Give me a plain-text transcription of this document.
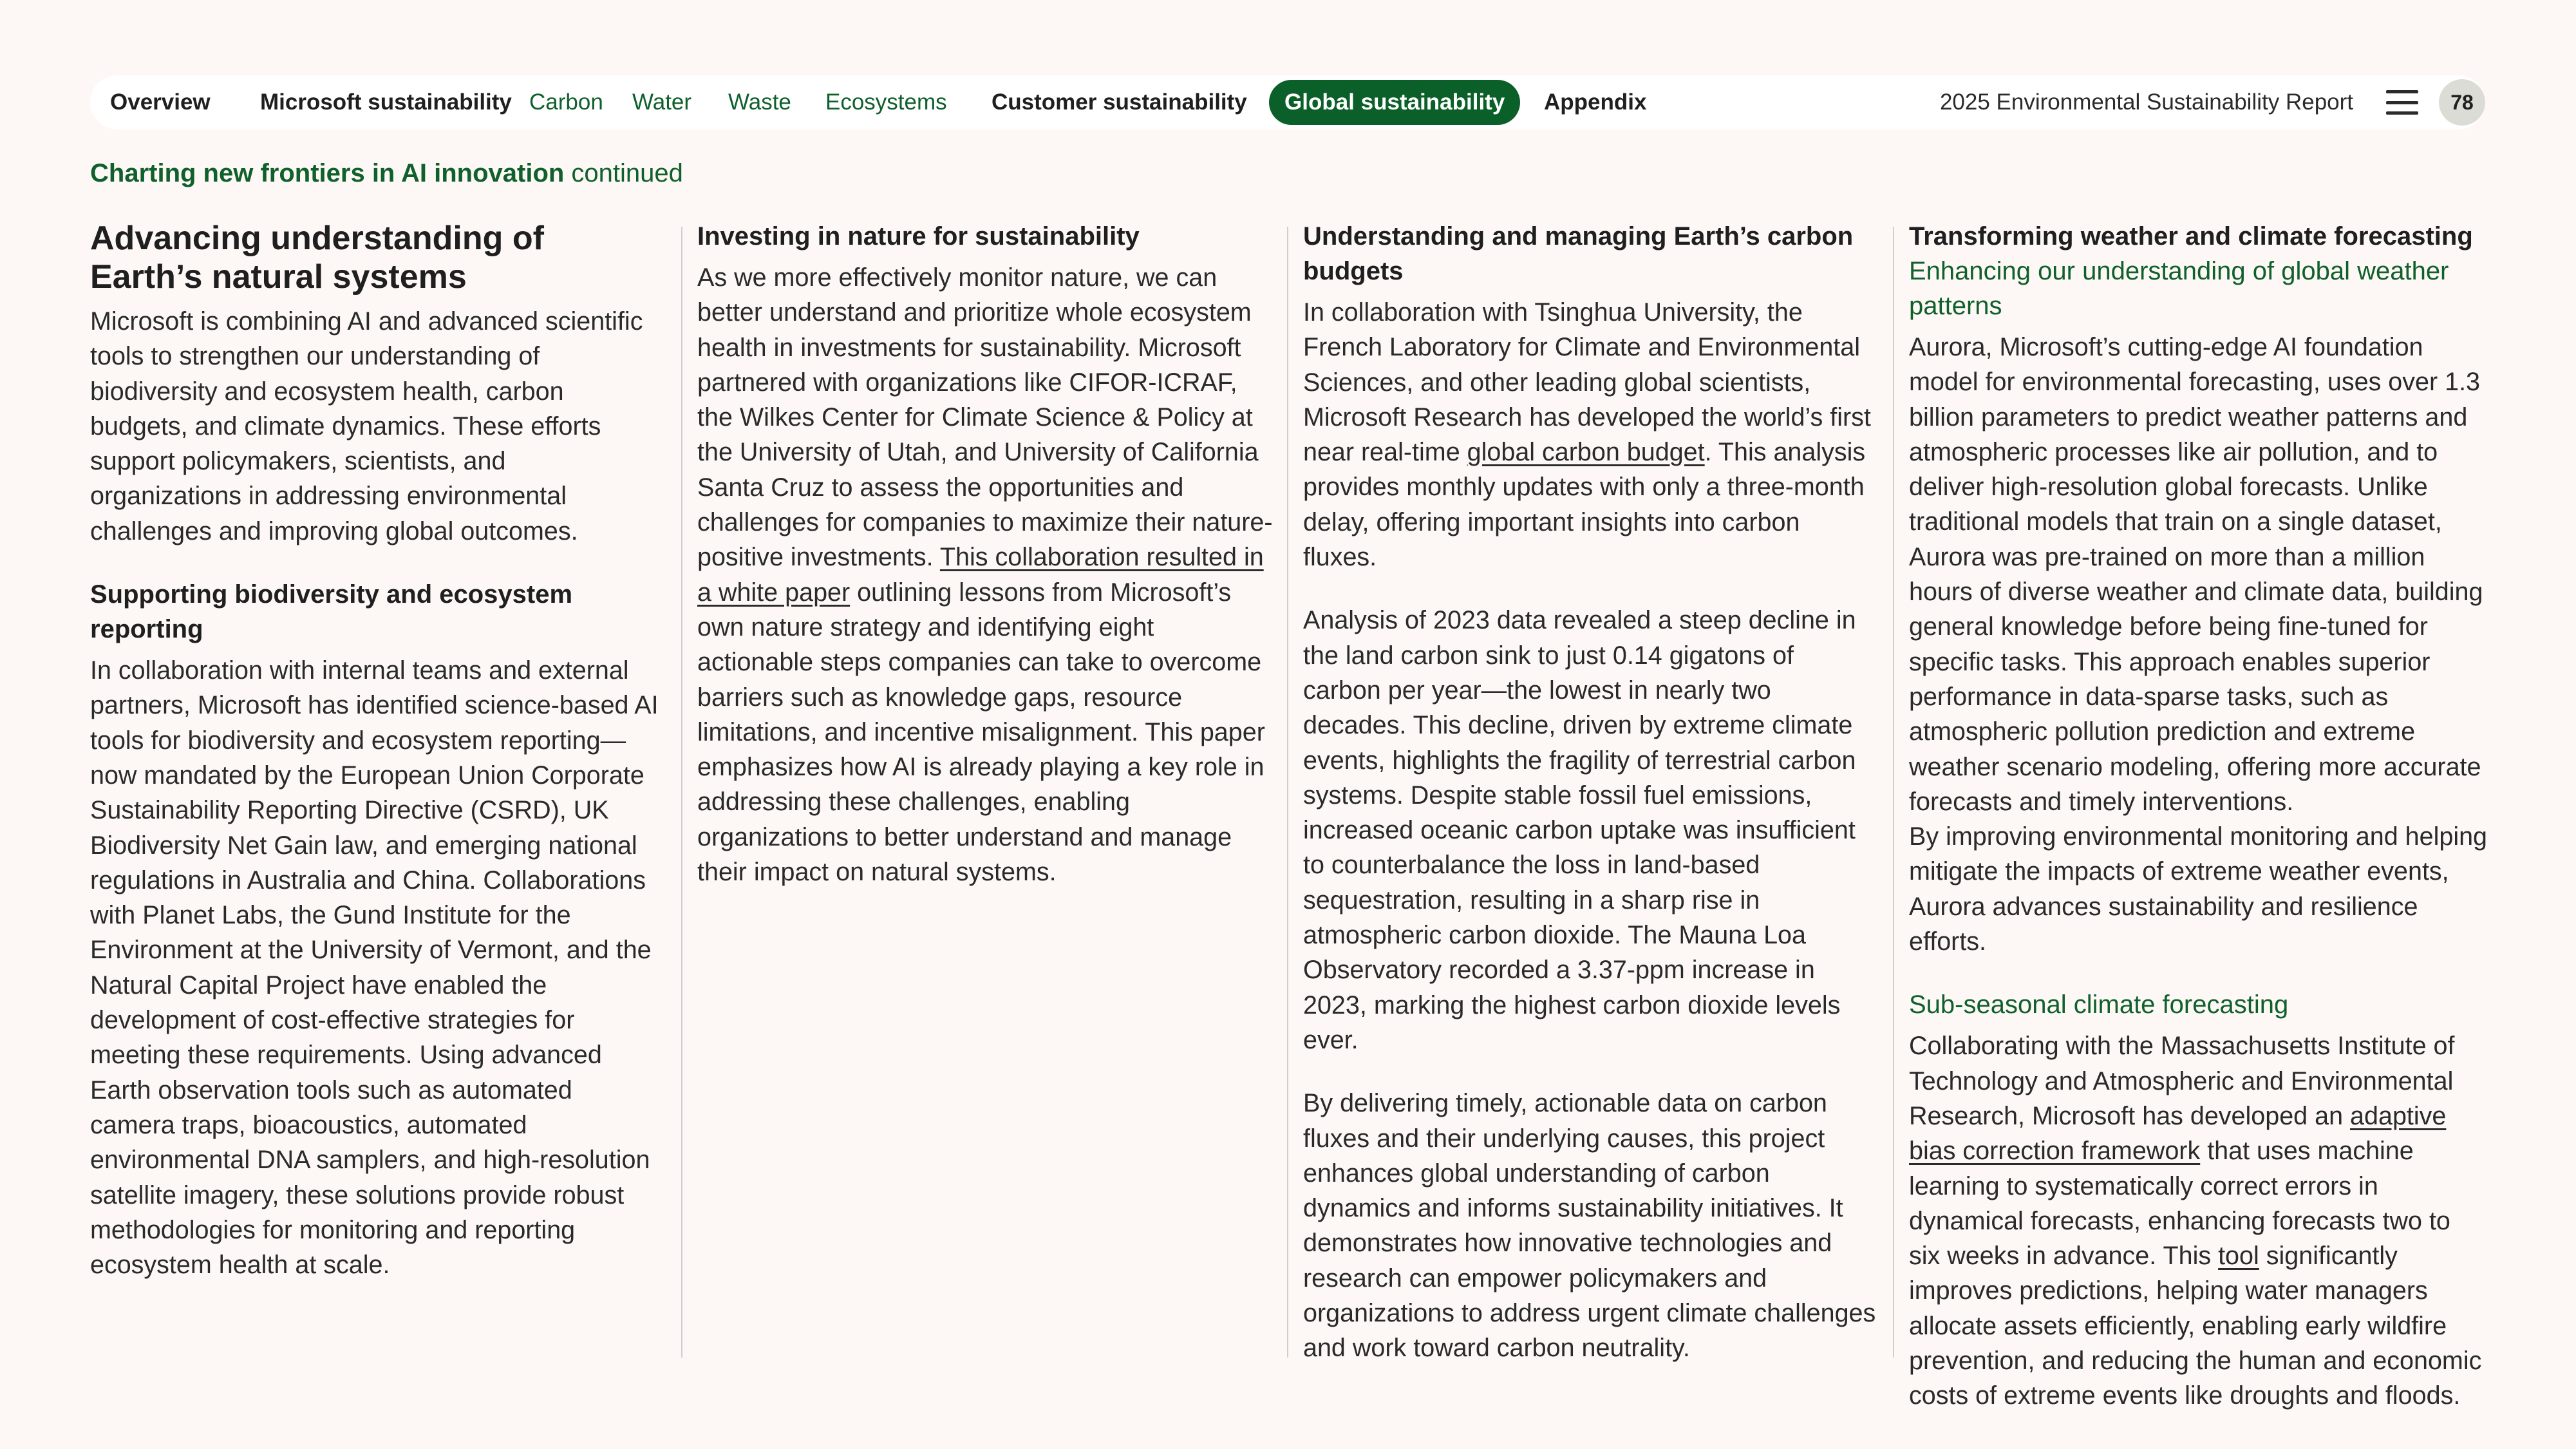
Overview Microsoft sustainability Carbon Water Waste Ecosystems Customer sustainability	Global sustainability	Appendix	2025 Environmental Sustainability Report	78
Charting new frontiers in AI innovation continued
Advancing understanding of Earth’s natural systems

Microsoft is combining AI and advanced scientific tools to strengthen our understanding of biodiversity and ecosystem health, carbon budgets, and climate dynamics. These efforts support policymakers, scientists, and organizations in addressing environmental challenges and improving global outcomes.

Supporting biodiversity and ecosystem reporting

In collaboration with internal teams and external partners, Microsoft has identified science-based AI tools for biodiversity and ecosystem reporting—now mandated by the European Union Corporate Sustainability Reporting Directive (CSRD), UK Biodiversity Net Gain law, and emerging national regulations in Australia and China. Collaborations with Planet Labs, the Gund Institute for the Environment at the University of Vermont, and the Natural Capital Project have enabled the development of cost-effective strategies for meeting these requirements. Using advanced Earth observation tools such as automated camera traps, bioacoustics, automated environmental DNA samplers, and high-resolution satellite imagery, these solutions provide robust methodologies for monitoring and reporting ecosystem health at scale.

Investing in nature for sustainability

As we more effectively monitor nature, we can better understand and prioritize whole ecosystem health in investments for sustainability. Microsoft partnered with organizations like CIFOR-ICRAF, the Wilkes Center for Climate Science & Policy at the University of Utah, and University of California Santa Cruz to assess the opportunities and challenges for companies to maximize their nature-positive investments. This collaboration resulted in a white paper outlining lessons from Microsoft’s own nature strategy and identifying eight actionable steps companies can take to overcome barriers such as knowledge gaps, resource limitations, and incentive misalignment. This paper emphasizes how AI is already playing a key role in addressing these challenges, enabling organizations to better understand and manage their impact on natural systems.

Understanding and managing Earth’s carbon budgets

In collaboration with Tsinghua University, the French Laboratory for Climate and Environmental Sciences, and other leading global scientists, Microsoft Research has developed the world’s first near real-time global carbon budget. This analysis provides monthly updates with only a three-month delay, offering important insights into carbon fluxes.

Analysis of 2023 data revealed a steep decline in the land carbon sink to just 0.14 gigatons of carbon per year—the lowest in nearly two decades. This decline, driven by extreme climate events, highlights the fragility of terrestrial carbon systems. Despite stable fossil fuel emissions, increased oceanic carbon uptake was insufficient to counterbalance the loss in land-based sequestration, resulting in a sharp rise in atmospheric carbon dioxide. The Mauna Loa Observatory recorded a 3.37-ppm increase in 2023, marking the highest carbon dioxide levels ever.

By delivering timely, actionable data on carbon fluxes and their underlying causes, this project enhances global understanding of carbon dynamics and informs sustainability initiatives. It demonstrates how innovative technologies and research can empower policymakers and organizations to address urgent climate challenges and work toward carbon neutrality.

Transforming weather and climate forecasting
Enhancing our understanding of global weather patterns

Aurora, Microsoft’s cutting-edge AI foundation model for environmental forecasting, uses over 1.3 billion parameters to predict weather patterns and atmospheric processes like air pollution, and to deliver high-resolution global forecasts. Unlike traditional models that train on a single dataset, Aurora was pre-trained on more than a million hours of diverse weather and climate data, building general knowledge before being fine-tuned for specific tasks. This approach enables superior performance in data-sparse tasks, such as atmospheric pollution prediction and extreme weather scenario modeling, offering more accurate forecasts and timely interventions.

By improving environmental monitoring and helping mitigate the impacts of extreme weather events, Aurora advances sustainability and resilience efforts.

Sub-seasonal climate forecasting

Collaborating with the Massachusetts Institute of Technology and Atmospheric and Environmental Research, Microsoft has developed an adaptive bias correction framework that uses machine learning to systematically correct errors in dynamical forecasts, enhancing forecasts two to six weeks in advance. This tool significantly improves predictions, helping water managers allocate assets efficiently, enabling early wildfire prevention, and reducing the human and economic costs of extreme events like droughts and floods.
